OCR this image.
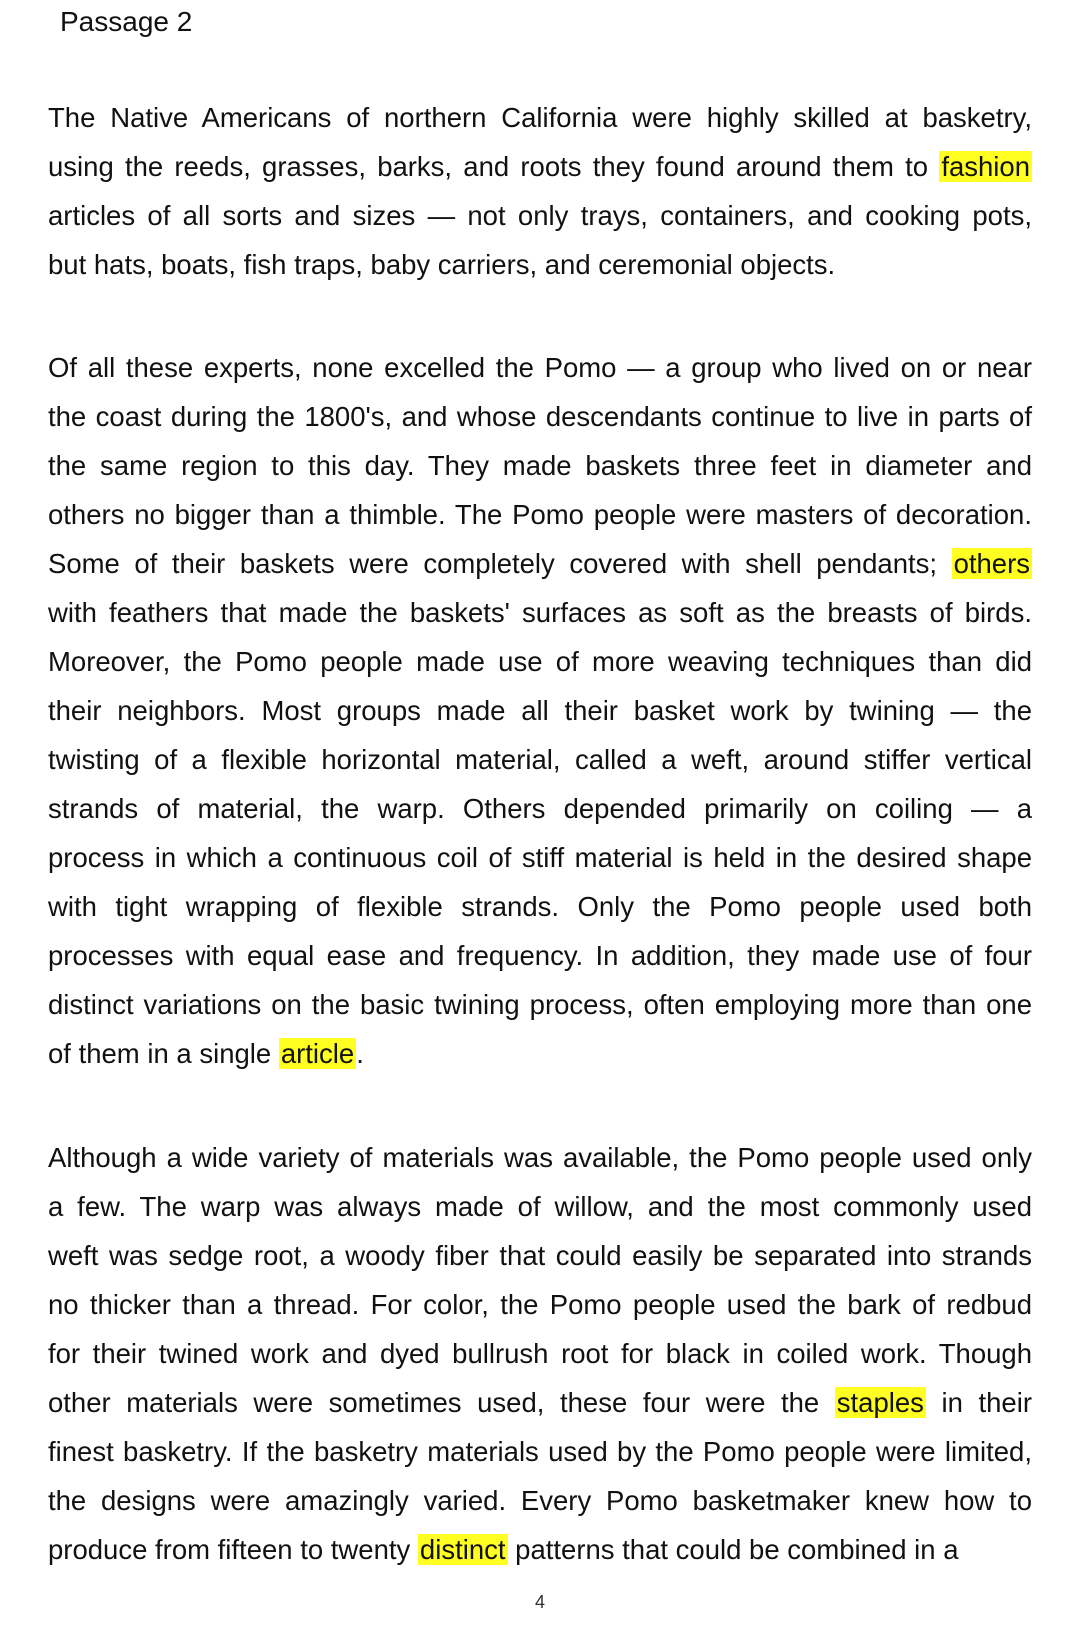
Passage 2
The Native Americans of northern California were highly skilled at basketry,
using the reeds, grasses, barks, and roots they found around them to fashion
articles of all sorts and sizes — not only trays, containers, and cooking pots,
but hats, boats, fish traps, baby carriers, and ceremonial objects.
Of all these experts, none excelled the Pomo — a group who lived on or near
the coast during the 1800's, and whose descendants continue to live in parts of
the same region to this day. They made baskets three feet in diameter and
others no bigger than a thimble. The Pomo people were masters of decoration.
Some of their baskets were completely covered with shell pendants; others
with feathers that made the baskets' surfaces as soft as the breasts of birds.
Moreover, the Pomo people made use of more weaving techniques than did
their neighbors. Most groups made all their basket work by twining — the
twisting of a flexible horizontal material, called a weft, around stiffer vertical
strands of material, the warp. Others depended primarily on coiling — a
process in which a continuous coil of stiff material is held in the desired shape
with tight wrapping of flexible strands. Only the Pomo people used both
processes with equal ease and frequency. In addition, they made use of four
distinct variations on the basic twining process, often employing more than one
of them in a single article.
Although a wide variety of materials was available, the Pomo people used only
a few. The warp was always made of willow, and the most commonly used
weft was sedge root, a woody fiber that could easily be separated into strands
no thicker than a thread. For color, the Pomo people used the bark of redbud
for their twined work and dyed bullrush root for black in coiled work. Though
other materials were sometimes used, these four were the staples in their
finest basketry. If the basketry materials used by the Pomo people were limited,
the designs were amazingly varied. Every Pomo basketmaker knew how to
produce from fifteen to twenty distinct patterns that could be combined in a
4
